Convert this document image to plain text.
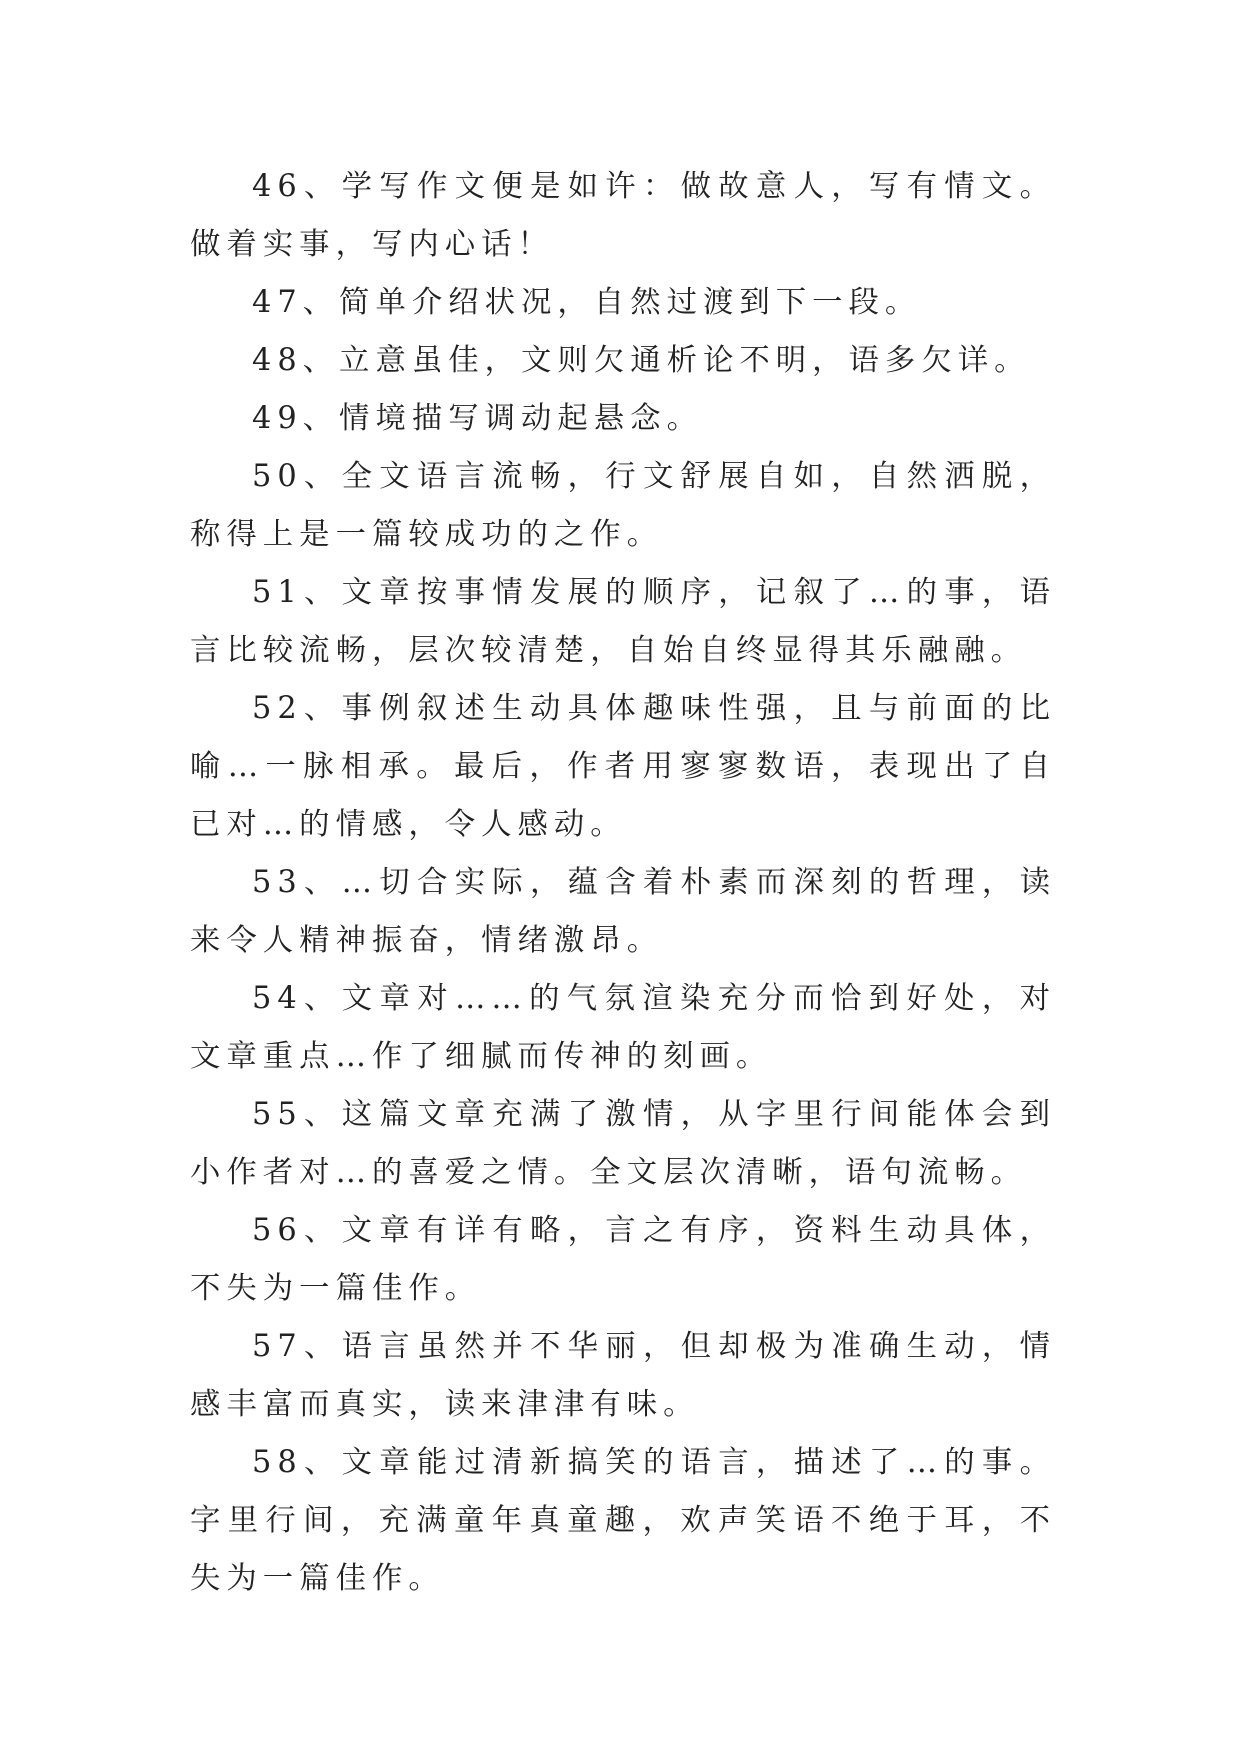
46、学写作文便是如许：做故意人，写有情文。做着实事，写内心话！

47、简单介绍状况，自然过渡到下一段。

48、立意虽佳，文则欠通析论不明，语多欠详。

49、情境描写调动起悬念。

50、全文语言流畅，行文舒展自如，自然洒脱，称得上是一篇较成功的之作。

51、文章按事情发展的顺序，记叙了…的事，语言比较流畅，层次较清楚，自始自终显得其乐融融。

52、事例叙述生动具体趣味性强，且与前面的比喻…一脉相承。最后，作者用寥寥数语，表现出了自已对…的情感，令人感动。

53、…切合实际，蕴含着朴素而深刻的哲理，读来令人精神振奋，情绪激昂。

54、文章对……的气氛渲染充分而恰到好处，对文章重点…作了细腻而传神的刻画。

55、这篇文章充满了激情，从字里行间能体会到小作者对…的喜爱之情。全文层次清晰，语句流畅。

56、文章有详有略，言之有序，资料生动具体，不失为一篇佳作。

57、语言虽然并不华丽，但却极为准确生动，情感丰富而真实，读来津津有味。

58、文章能过清新搞笑的语言，描述了…的事。字里行间，充满童年真童趣，欢声笑语不绝于耳，不失为一篇佳作。
